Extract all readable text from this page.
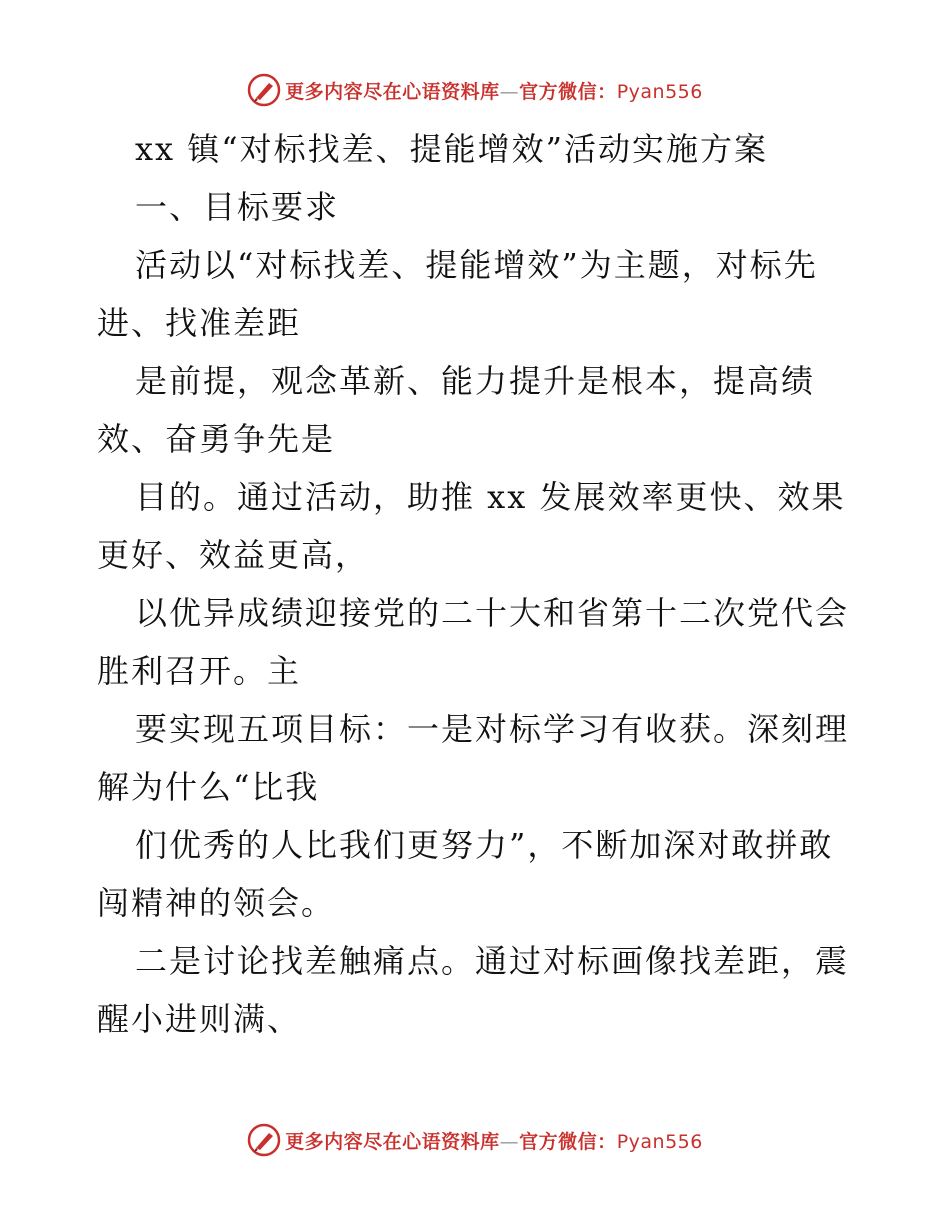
更多内容尽在心语资料库—官方微信：Pyan556
xx 镇“对标找差、提能增效”活动实施方案
一、目标要求
活动以“对标找差、提能增效”为主题，对标先
进、找准差距
是前提，观念革新、能力提升是根本，提高绩
效、奋勇争先是
目的。通过活动，助推 xx 发展效率更快、效果
更好、效益更高，
以优异成绩迎接党的二十大和省第十二次党代会
胜利召开。主
要实现五项目标：一是对标学习有收获。深刻理
解为什么“比我
们优秀的人比我们更努力”，不断加深对敢拼敢
闯精神的领会。
二是讨论找差触痛点。通过对标画像找差距，震
醒小进则满、
更多内容尽在心语资料库—官方微信：Pyan556
